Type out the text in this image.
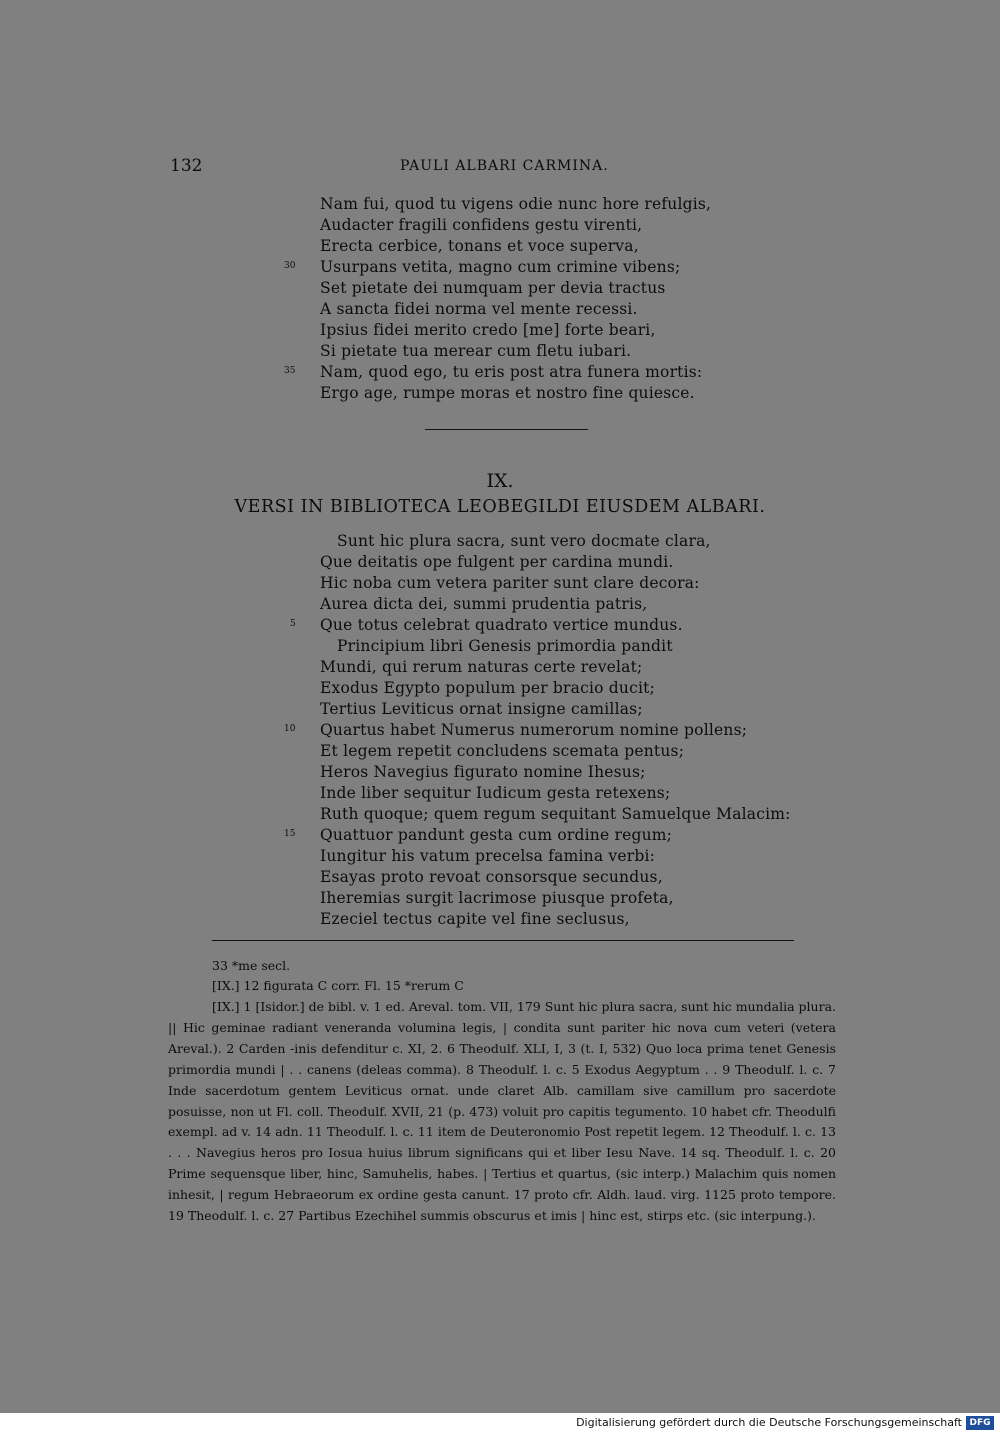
132	PAULI ALBARI CARMINA.
Nam fui, quod tu vigens odie nunc hore refulgis,
Audacter fragili confidens gestu virenti,
Erecta cerbice, tonans et voce superva,
30 Usurpans vetita, magno cum crimine vibens;
Set pietate dei numquam per devia tractus
A sancta fidei norma vel mente recessi.
Ipsius fidei merito credo [me] forte beari,
Si pietate tua merear cum fletu iubari.
35 Nam, quod ego, tu eris post atra funera mortis:
Ergo age, rumpe moras et nostro fine quiesce.
IX.
VERSI IN BIBLIOTECA LEOBEGILDI EIUSDEM ALBARI.
Sunt hic plura sacra, sunt vero docmate clara,
Que deitatis ope fulgent per cardina mundi.
Hic noba cum vetera pariter sunt clare decora:
Aurea dicta dei, summi prudentia patris,
5 Que totus celebrat quadrato vertice mundus.
Principium libri Genesis primordia pandit
Mundi, qui rerum naturas certe revelat;
Exodus Egypto populum per bracio ducit;
Tertius Leviticus ornat insigne camillas;
10 Quartus habet Numerus numerorum nomine pollens;
Et legem repetit concludens scemata pentus;
Heros Navegius figurato nomine Ihesus;
Inde liber sequitur Iudicum gesta retexens;
Ruth quoque; quem regum sequitant Samuelque Malacim:
15 Quattuor pandunt gesta cum ordine regum;
Iungitur his vatum precelsa famina verbi:
Esayas proto revoat consorsque secundus,
Iheremias surgit lacrimose piusque profeta,
Ezeciel tectus capite vel fine seclusus,
33 *me secl.
[IX.] 12 figurata C corr. Fl. 15 *rerum C

[IX.] 1 [Isidor.] de bibl. v. 1 ed. Areval. tom. VII, 179 Sunt hic plura sacra, sunt hic mundalia plura. || Hic geminae radiant veneranda volumina legis, | condita sunt pariter hic nova cum veteri (vetera Areval.). 2 Carden -inis defenditur c. XI, 2. 6 Theodulf. XLI, I, 3 (t. I, 532) Quo loca prima tenet Genesis primordia mundi | . . canens (deleas comma). 8 Theodulf. l. c. 5 Exodus Aegyptum . . 9 Theodulf. l. c. 7 Inde sacerdotum gentem Leviticus ornat. unde claret Alb. camillam sive camillum pro sacerdote posuisse, non ut Fl. coll. Theodulf. XVII, 21 (p. 473) voluit pro capitis tegumento. 10 habet cfr. Theodulfi exempl. ad v. 14 adn. 11 Theodulf. l. c. 11 item de Deuteronomio Post repetit legem. 12 Theodulf. l. c. 13 . . . Navegius heros pro Iosua huius librum significans qui et liber Iesu Nave. 14 sq. Theodulf. l. c. 20 Prime sequensque liber, hinc, Samuhelis, habes. | Tertius et quartus, (sic interp.) Malachim quis nomen inhesit, | regum Hebraeorum ex ordine gesta canunt. 17 proto cfr. Aldh. laud. virg. 1125 proto tempore. 19 Theodulf. l. c. 27 Partibus Ezechihel summis obscurus et imis | hinc est, stirps etc. (sic interpung.).

Digitalisierung gefördert durch die Deutsche Forschungsgemeinschaft DFG
